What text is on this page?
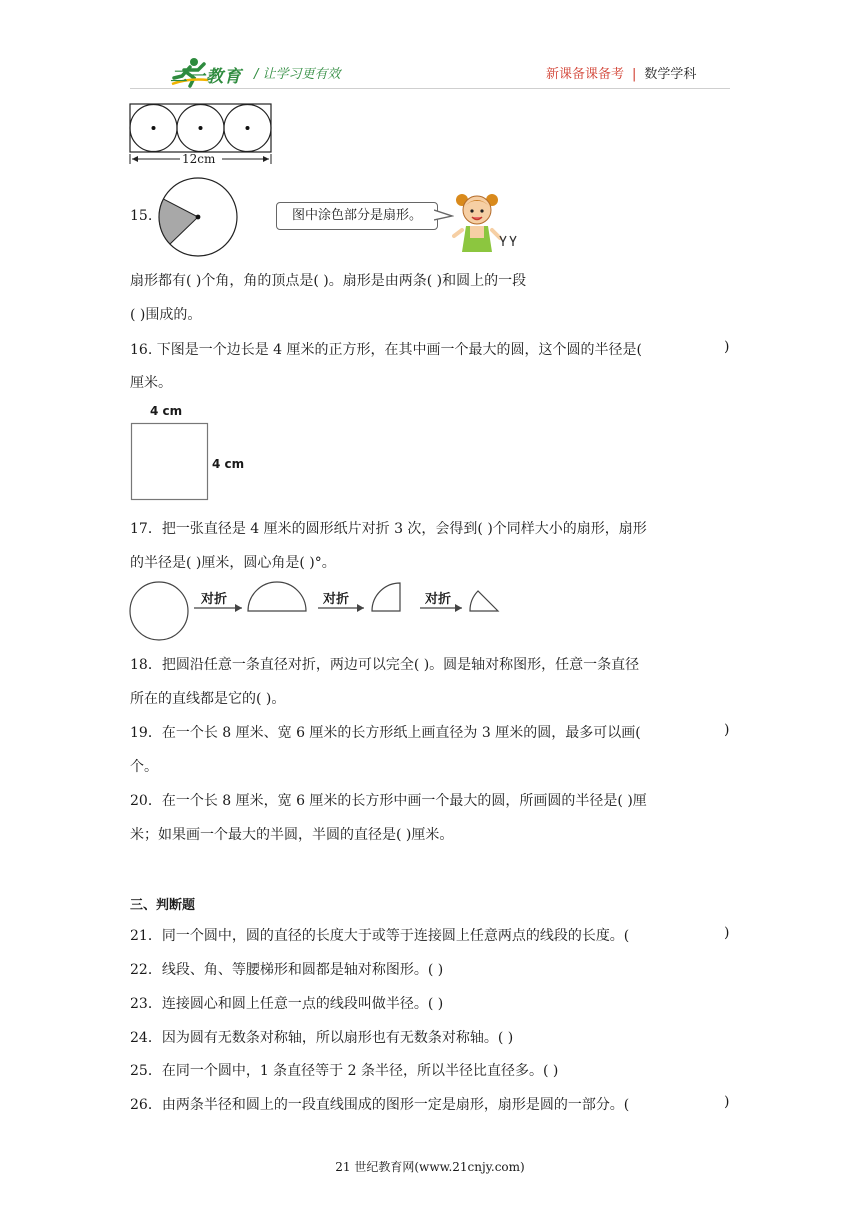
二一教育 / 让学习更有效	新课备课备考 | 数学学科
12cm
15.	图中涂色部分是扇形。
扇形都有( )个角，角的顶点是( )。扇形是由两条( )和圆上的一段
( )围成的。
16. 下图是一个边长是 4 厘米的正方形，在其中画一个最大的圆，这个圆的半径是(	)
厘米。
4 cm
4 cm
17．把一张直径是 4 厘米的圆形纸片对折 3 次，会得到( )个同样大小的扇形，扇形
的半径是( )厘米，圆心角是( )°。
对折	对折	对折
18．把圆沿任意一条直径对折，两边可以完全( )。圆是轴对称图形，任意一条直径
所在的直线都是它的( )。
19．在一个长 8 厘米、宽 6 厘米的长方形纸上画直径为 3 厘米的圆，最多可以画(	)
个。
20．在一个长 8 厘米，宽 6 厘米的长方形中画一个最大的圆，所画圆的半径是( )厘
米；如果画一个最大的半圆，半圆的直径是( )厘米。
三、判断题
21．同一个圆中，圆的直径的长度大于或等于连接圆上任意两点的线段的长度。(	)
22．线段、角、等腰梯形和圆都是轴对称图形。( )
23．连接圆心和圆上任意一点的线段叫做半径。( )
24．因为圆有无数条对称轴，所以扇形也有无数条对称轴。( )
25．在同一个圆中，1 条直径等于 2 条半径，所以半径比直径多。( )
26．由两条半径和圆上的一段直线围成的图形一定是扇形，扇形是圆的一部分。(	)
21 世纪教育网(www.21cnjy.com)
